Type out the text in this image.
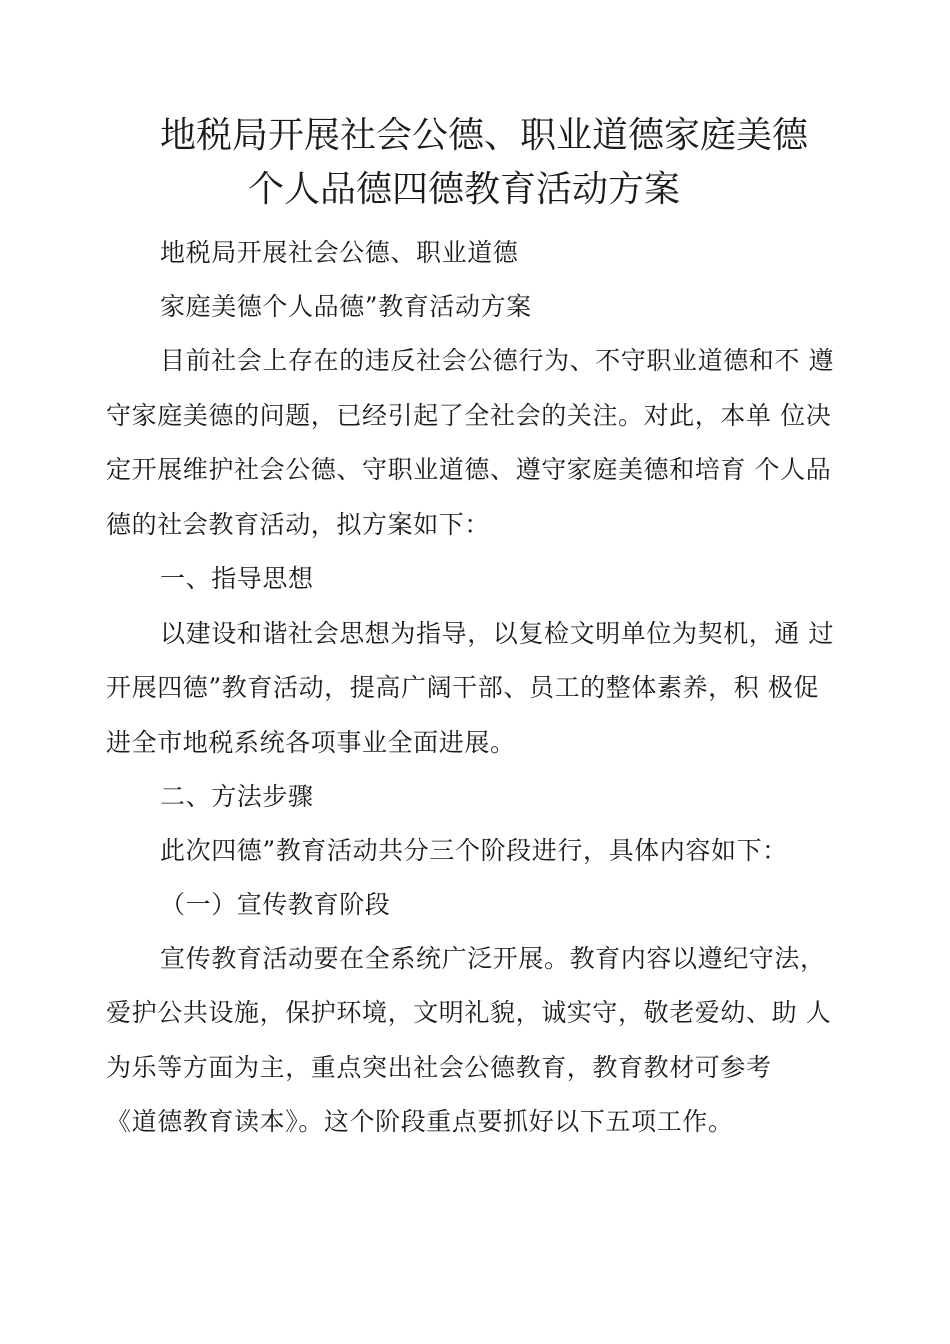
地税局开展社会公德、职业道德家庭美德
个人品德四德教育活动方案
地税局开展社会公德、职业道德
家庭美德个人品德”教育活动方案
目前社会上存在的违反社会公德行为、不守职业道德和不 遵
守家庭美德的问题，已经引起了全社会的关注。对此，本单 位决
定开展维护社会公德、守职业道德、遵守家庭美德和培育 个人品
德的社会教育活动，拟方案如下：
一、指导思想
以建设和谐社会思想为指导，以复检文明单位为契机，通 过
开展四德”教育活动，提高广阔干部、员工的整体素养，积 极促
进全市地税系统各项事业全面进展。
二、方法步骤
此次四德”教育活动共分三个阶段进行，具体内容如下：
（一）宣传教育阶段
宣传教育活动要在全系统广泛开展。教育内容以遵纪守法，
爱护公共设施，保护环境，文明礼貌，诚实守，敬老爱幼、助 人
为乐等方面为主，重点突出社会公德教育，教育教材可参考
《道德教育读本》。这个阶段重点要抓好以下五项工作。
